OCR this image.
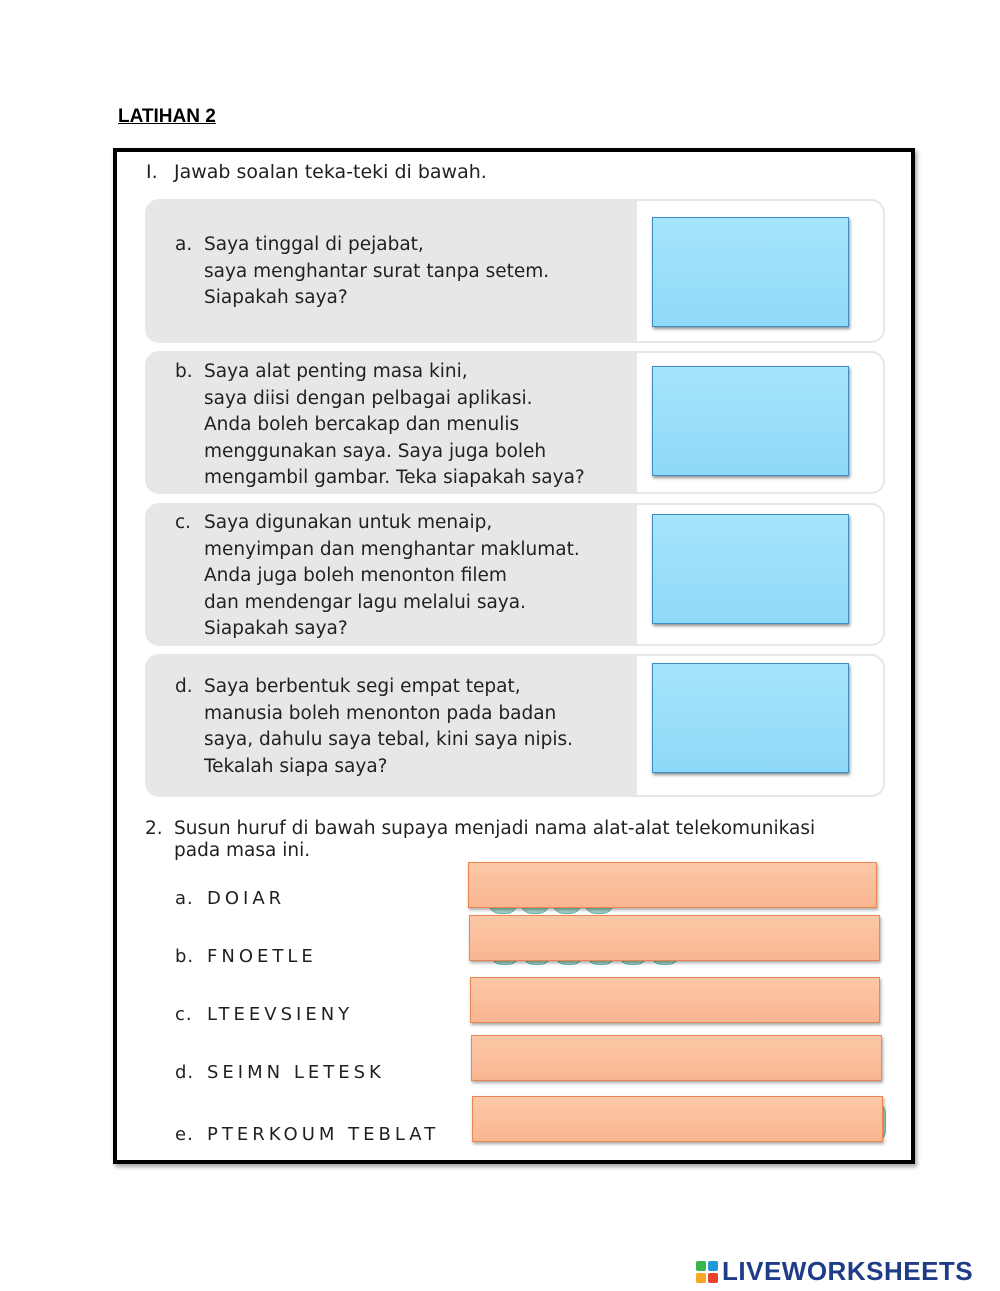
LATIHAN 2
I. Jawab soalan teka-teki di bawah.
a. Saya tinggal di pejabat,
saya menghantar surat tanpa setem.
Siapakah saya?
b. Saya alat penting masa kini,
saya diisi dengan pelbagai aplikasi.
Anda boleh bercakap dan menulis
menggunakan saya. Saya juga boleh
mengambil gambar. Teka siapakah saya?
c. Saya digunakan untuk menaip,
menyimpan dan menghantar maklumat.
Anda juga boleh menonton filem
dan mendengar lagu melalui saya.
Siapakah saya?
d. Saya berbentuk segi empat tepat,
manusia boleh menonton pada badan
saya, dahulu saya tebal, kini saya nipis.
Tekalah siapa saya?
2. Susun huruf di bawah supaya menjadi nama alat-alat telekomunikasi
pada masa ini.
a. DOIAR
b. FNOETLE
c. LTEEVSIENY
d. SEIMN LETESK
e. PTERKOUM TEBLAT
LIVEWORKSHEETS
